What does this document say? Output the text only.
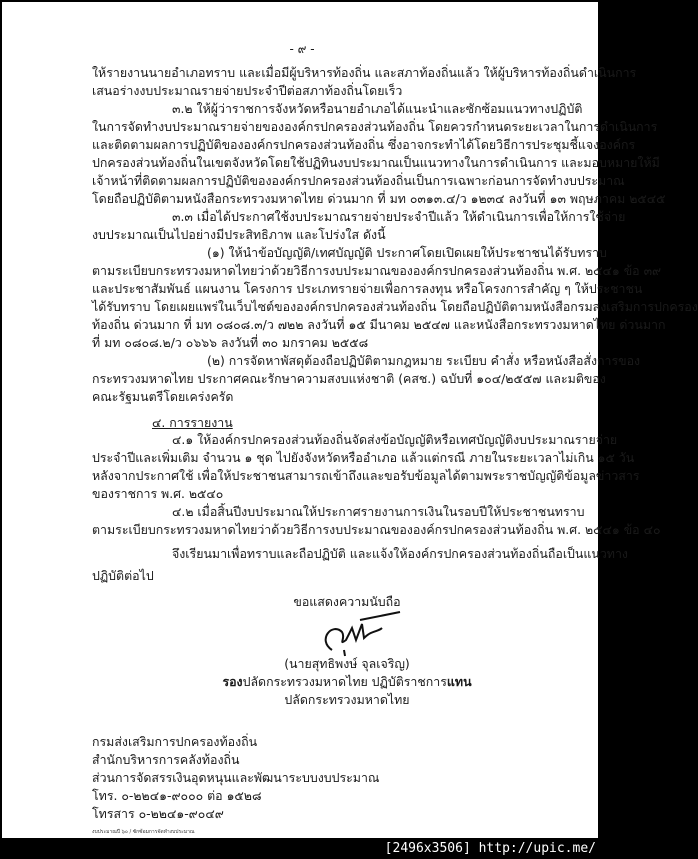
- ๙ -
ให้รายงานนายอำเภอทราบ และเมื่อมีผู้บริหารท้องถิ่น และสภาท้องถิ่นแล้ว ให้ผู้บริหารท้องถิ่นดำเนินการ
เสนอร่างงบประมาณรายจ่ายประจำปีต่อสภาท้องถิ่นโดยเร็ว
๓.๒ ให้ผู้ว่าราชการจังหวัดหรือนายอำเภอได้แนะนำและซักซ้อมแนวทางปฏิบัติ
ในการจัดทำงบประมาณรายจ่ายขององค์กรปกครองส่วนท้องถิ่น โดยควรกำหนดระยะเวลาในการดำเนินการ
และติดตามผลการปฏิบัติขององค์กรปกครองส่วนท้องถิ่น ซึ่งอาจกระทำได้โดยวิธีการประชุมชี้แจงองค์กร
ปกครองส่วนท้องถิ่นในเขตจังหวัดโดยใช้ปฏิทินงบประมาณเป็นแนวทางในการดำเนินการ และมอบหมายให้มี
เจ้าหน้าที่ติดตามผลการปฏิบัติขององค์กรปกครองส่วนท้องถิ่นเป็นการเฉพาะก่อนการจัดทำงบประมาณ
โดยถือปฏิบัติตามหนังสือกระทรวงมหาดไทย ด่วนมาก ที่ มท ๐๓๑๓.๔/ว ๑๒๓๔ ลงวันที่ ๑๓ พฤษภาคม ๒๕๔๕
๓.๓ เมื่อได้ประกาศใช้งบประมาณรายจ่ายประจำปีแล้ว ให้ดำเนินการเพื่อให้การใช้จ่าย
งบประมาณเป็นไปอย่างมีประสิทธิภาพ และโปร่งใส ดังนี้
(๑) ให้นำข้อบัญญัติ/เทศบัญญัติ ประกาศโดยเปิดเผยให้ประชาชนได้รับทราบ
ตามระเบียบกระทรวงมหาดไทยว่าด้วยวิธีการงบประมาณขององค์กรปกครองส่วนท้องถิ่น พ.ศ. ๒๕๔๑ ข้อ ๓๙
และประชาสัมพันธ์ แผนงาน โครงการ ประเภทรายจ่ายเพื่อการลงทุน หรือโครงการสำคัญ ๆ ให้ประชาชน
ได้รับทราบ โดยเผยแพร่ในเว็บไซต์ขององค์กรปกครองส่วนท้องถิ่น โดยถือปฏิบัติตามหนังสือกรมส่งเสริมการปกครอง
ท้องถิ่น ด่วนมาก ที่ มท ๐๘๐๘.๓/ว ๗๒๒ ลงวันที่ ๑๕ มีนาคม ๒๕๔๗ และหนังสือกระทรวงมหาดไทย ด่วนมาก
ที่ มท ๐๘๐๘.๒/ว ๐๖๖๖ ลงวันที่ ๓๐ มกราคม ๒๕๕๘
(๒) การจัดหาพัสดุต้องถือปฏิบัติตามกฎหมาย ระเบียบ คำสั่ง หรือหนังสือสั่งการของ
กระทรวงมหาดไทย ประกาศคณะรักษาความสงบแห่งชาติ (คสช.) ฉบับที่ ๑๐๔/๒๕๕๗ และมติของ
คณะรัฐมนตรีโดยเคร่งครัด
๔. การรายงาน
๔.๑ ให้องค์กรปกครองส่วนท้องถิ่นจัดส่งข้อบัญญัติหรือเทศบัญญัติงบประมาณรายจ่าย
ประจำปีและเพิ่มเติม จำนวน ๑ ชุด ไปยังจังหวัดหรืออำเภอ แล้วแต่กรณี ภายในระยะเวลาไม่เกิน ๑๕ วัน
หลังจากประกาศใช้ เพื่อให้ประชาชนสามารถเข้าถึงและขอรับข้อมูลได้ตามพระราชบัญญัติข้อมูลข่าวสาร
ของราชการ พ.ศ. ๒๕๔๐
๔.๒ เมื่อสิ้นปีงบประมาณให้ประกาศรายงานการเงินในรอบปีให้ประชาชนทราบ
ตามระเบียบกระทรวงมหาดไทยว่าด้วยวิธีการงบประมาณขององค์กรปกครองส่วนท้องถิ่น พ.ศ. ๒๕๔๑ ข้อ ๔๐
จึงเรียนมาเพื่อทราบและถือปฏิบัติ และแจ้งให้องค์กรปกครองส่วนท้องถิ่นถือเป็นแนวทาง
ปฏิบัติต่อไป
ขอแสดงความนับถือ
(นายสุทธิพงษ์ จุลเจริญ)
รองปลัดกระทรวงมหาดไทย ปฏิบัติราชการแทน
ปลัดกระทรวงมหาดไทย
กรมส่งเสริมการปกครองท้องถิ่น
สำนักบริหารการคลังท้องถิ่น
ส่วนการจัดสรรเงินอุดหนุนและพัฒนาระบบงบประมาณ
โทร. ๐-๒๒๔๑-๙๐๐๐ ต่อ ๑๕๒๘
โทรสาร ๐-๒๒๔๑-๙๐๔๙
งบประมาณปี ๖๐ / ซักซ้อมการจัดทำงบประมาณ
[2496x3506] http://upic.me/
